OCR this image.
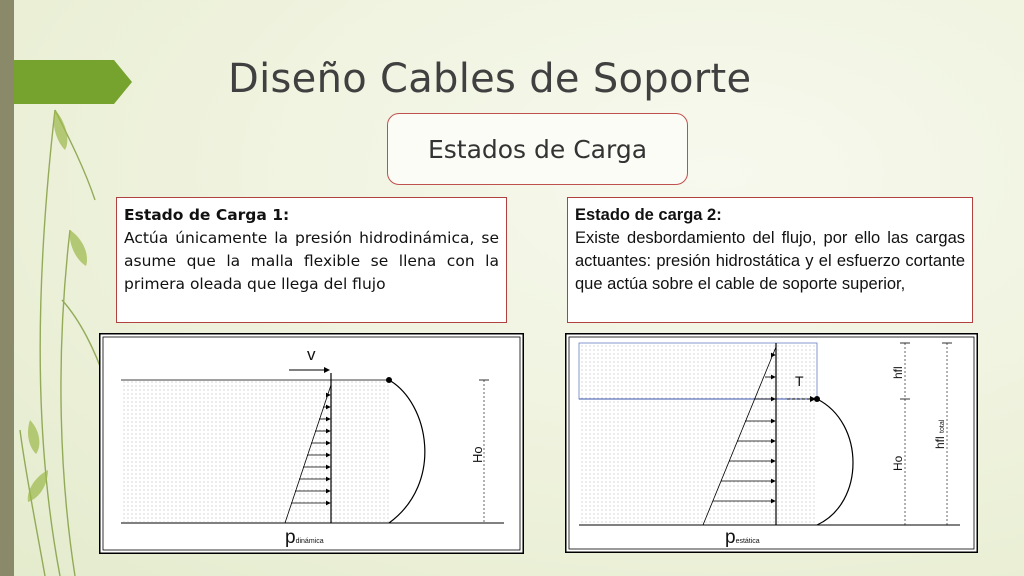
Diseño Cables de Soporte
Estados de Carga
Estado de Carga 1:
Actúa únicamente la presión hidrodinámica, se asume que la malla flexible se llena con la primera oleada que llega del flujo
Estado de carga 2:
Existe desbordamiento del flujo, por ello las cargas actuantes: presión hidrostática y el esfuerzo cortante que actúa sobre el cable de soporte superior,
v
Ho
pdinámica
T
hfl
hfl total
Ho
pestática
